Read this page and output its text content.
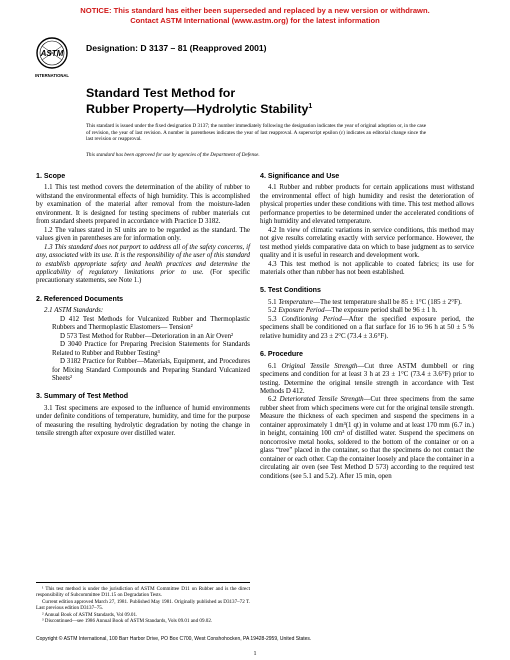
NOTICE: This standard has either been superseded and replaced by a new version or withdrawn.
Contact ASTM International (www.astm.org) for the latest information
ASTM
INTERNATIONAL
Designation: D 3137 – 81 (Reapproved 2001)
Standard Test Method for
Rubber Property—Hydrolytic Stability$^1$
This standard is issued under the fixed designation D 3137; the number immediately following the designation indicates the year of original adoption or, in the case of revision, the year of last revision. A number in parentheses indicates the year of last reapproval. A superscript epsilon (ε) indicates an editorial change since the last revision or reapproval.
This standard has been approved for use by agencies of the Department of Defense.
1. Scope

1.1 This test method covers the determination of the ability of rubber to withstand the environmental effects of high humidity. This is accomplished by examination of the material after removal from the moisture-laden environment. It is designed for testing specimens of rubber materials cut from standard sheets prepared in accordance with Practice D 3182.

1.2 The values stated in SI units are to be regarded as the standard. The values given in parentheses are for information only.

1.3 This standard does not purport to address all of the safety concerns, if any, associated with its use. It is the responsibility of the user of this standard to establish appropriate safety and health practices and determine the applicability of regulatory limitations prior to use. (For specific precautionary statements, see Note 1.)

2. Referenced Documents

2.1 ASTM Standards:

D 412 Test Methods for Vulcanized Rubber and Thermoplastic Rubbers and Thermoplastic Elastomers— Tension²

D 573 Test Method for Rubber—Deterioration in an Air Oven²

D 3040 Practice for Preparing Precision Statements for Standards Related to Rubber and Rubber Testing³

D 3182 Practice for Rubber—Materials, Equipment, and Procedures for Mixing Standard Compounds and Preparing Standard Vulcanized Sheets²

3. Summary of Test Method

3.1 Test specimens are exposed to the influence of humid environments under definite conditions of temperature, humidity, and time for the purpose of measuring the resulting hydrolytic degradation by noting the change in tensile strength after exposure over distilled water.

¹ This test method is under the jurisdiction of ASTM Committee D11 on Rubber and is the direct responsibility of Subcommittee D11.15 on Degradation Tests.

Current edition approved March 27, 1981. Published May 1981. Originally published as D3137–72 T. Last previous edition D3137–75.

² Annual Book of ASTM Standards, Vol 09.01.

³ Discontinued—see 1986 Annual Book of ASTM Standards, Vols 09.01 and 09.02.

4. Significance and Use

4.1 Rubber and rubber products for certain applications must withstand the environmental effect of high humidity and resist the deterioration of physical properties under these conditions with time. This test method allows performance properties to be determined under the accelerated conditions of high humidity and elevated temperature.

4.2 In view of climatic variations in service conditions, this method may not give results correlating exactly with service performance. However, the test method yields comparative data on which to base judgment as to service quality and it is useful in research and development work.

4.3 This test method is not applicable to coated fabrics; its use for materials other than rubber has not been established.

5. Test Conditions

5.1 Temperature—The test temperature shall be 85 ± 1°C (185 ± 2°F).

5.2 Exposure Period—The exposure period shall be 96 ± 1 h.

5.3 Conditioning Period—After the specified exposure period, the specimens shall be conditioned on a flat surface for 16 to 96 h at 50 ± 5 % relative humidity and 23 ± 2°C (73.4 ± 3.6°F).

6. Procedure

6.1 Original Tensile Strength—Cut three ASTM dumbbell or ring specimens and condition for at least 3 h at 23 ± 1°C (73.4 ± 3.6°F) prior to testing. Determine the original tensile strength in accordance with Test Methods D 412.

6.2 Deteriorated Tensile Strength—Cut three specimens from the same rubber sheet from which specimens were cut for the original tensile strength. Measure the thickness of each specimen and suspend the specimens in a container approximately 1 dm³(1 qt) in volume and at least 170 mm (6.7 in.) in height, containing 100 cm³ of distilled water. Suspend the specimens on noncorrosive metal hooks, soldered to the bottom of the container or on a glass “tree” placed in the container, so that the specimens do not contact the container or each other. Cap the container loosely and place the container in a circulating air oven (see Test Method D 573) according to the required test conditions (see 5.1 and 5.2). After 15 min, open

Copyright © ASTM International, 100 Barr Harbor Drive, PO Box C700, West Conshohocken, PA 19428-2959, United States.
1
